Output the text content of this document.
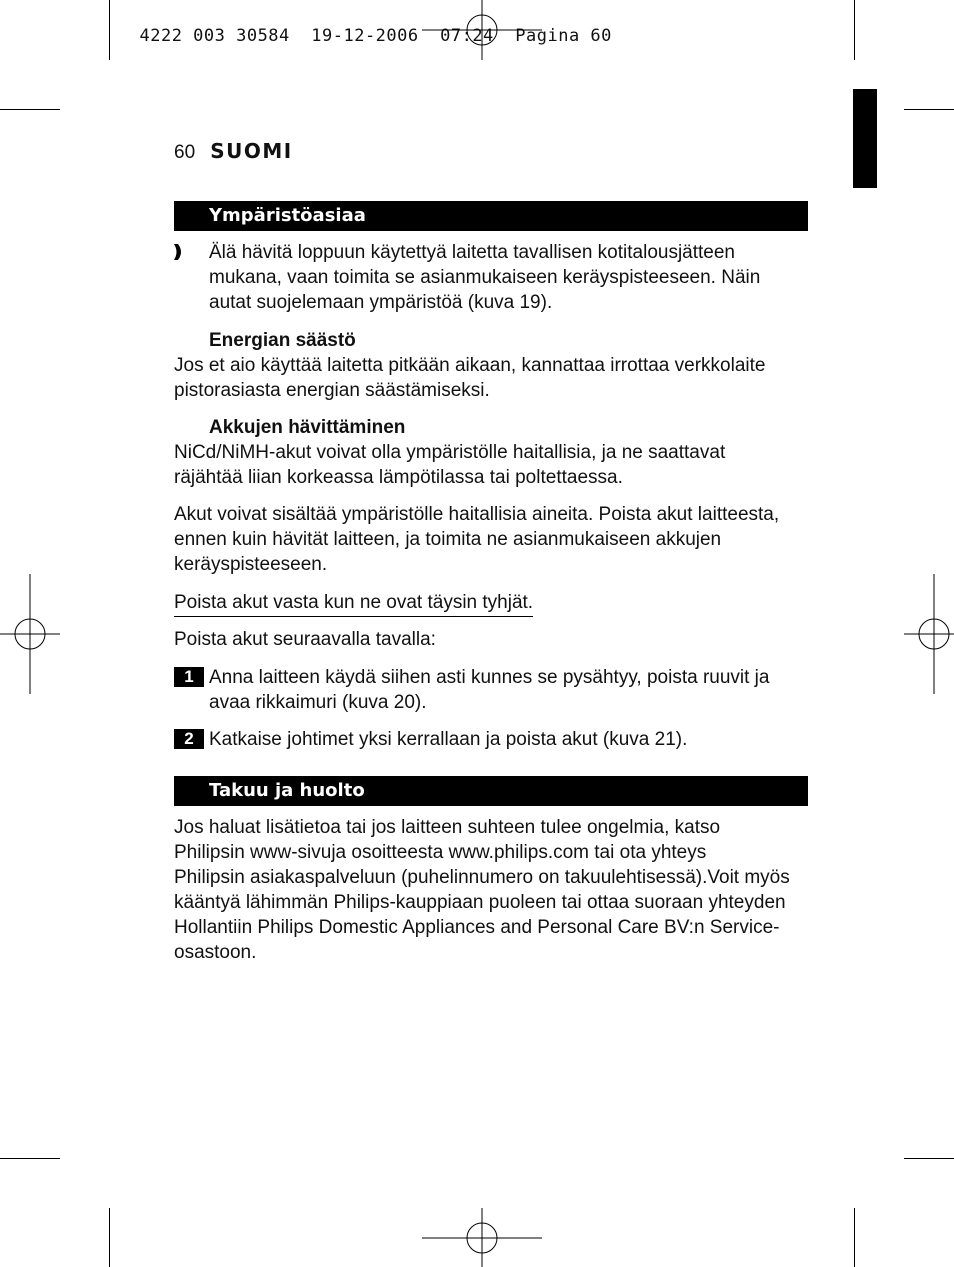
4222 003 30584 19-12-2006 07:24 Pagina 60

60 SUOMI
Ympäristöasiaa
Älä hävitä loppuun käytettyä laitetta tavallisen kotitalousjätteen
mukana, vaan toimita se asianmukaiseen keräyspisteeseen. Näin
autat suojelemaan ympäristöä (kuva 19).
Energian säästö
Jos et aio käyttää laitetta pitkään aikaan, kannattaa irrottaa verkkolaite
pistorasiasta energian säästämiseksi.
Akkujen hävittäminen
NiCd/NiMH-akut voivat olla ympäristölle haitallisia, ja ne saattavat
räjähtää liian korkeassa lämpötilassa tai poltettaessa.
Akut voivat sisältää ympäristölle haitallisia aineita. Poista akut laitteesta,
ennen kuin hävität laitteen, ja toimita ne asianmukaiseen akkujen
keräyspisteeseen.
Poista akut vasta kun ne ovat täysin tyhjät.
Poista akut seuraavalla tavalla:
1 Anna laitteen käydä siihen asti kunnes se pysähtyy, poista ruuvit ja
avaa rikkaimuri (kuva 20).
2 Katkaise johtimet yksi kerrallaan ja poista akut (kuva 21).
Takuu ja huolto
Jos haluat lisätietoa tai jos laitteen suhteen tulee ongelmia, katso
Philipsin www-sivuja osoitteesta www.philips.com tai ota yhteys
Philipsin asiakaspalveluun (puhelinnumero on takuulehtisessä).Voit myös
kääntyä lähimmän Philips-kauppiaan puoleen tai ottaa suoraan yhteyden
Hollantiin Philips Domestic Appliances and Personal Care BV:n Service-
osastoon.
